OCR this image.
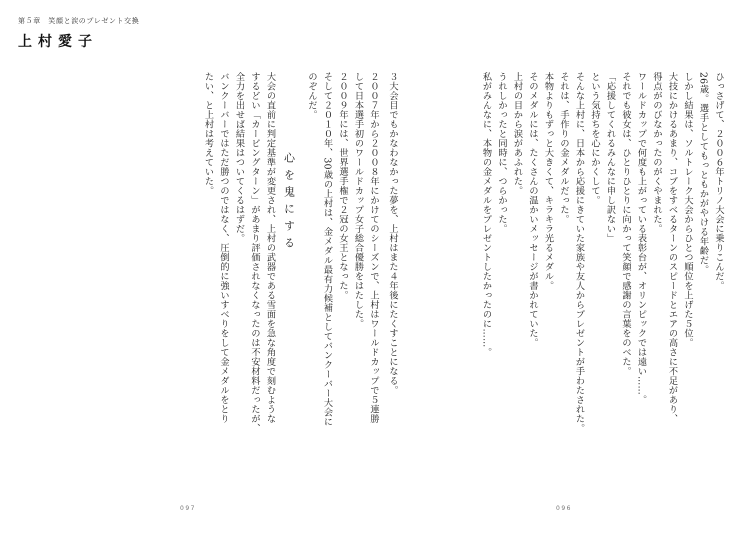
第５章　笑顔と涙のプレゼント交換
上村愛子
ひっさげて、２００６年トリノ大会に乗りこんだ。
26歳。選手としてもっともかがやける年齢だ。
しかし結果は、ソルトレーク大会からひとつ順位を上げた５位。
大技にかけるあまり、コブをすべるターンのスピードとエアの高さに不足があり、
得点がのびなかったのがくやまれた。
ワールドカップで何度も上がっている表彰台が、オリンピックでは遠い……。
それでも彼女は、ひとりひとりに向かって笑顔で感謝の言葉をのべた。
「応援してくれるみんなに申し訳ない」
という気持ちを心にかくして。
そんな上村に、日本から応援にきていた家族や友人からプレゼントが手わたされた。
それは、手作りの金メダルだった。
本物よりもずっと大きくて、キラキラ光るメダル。
そのメダルには、たくさんの温かいメッセージが書かれていた。
上村の目から涙があふれた。
うれしかったと同時に、つらかった。
私がみんなに、本物の金メダルをプレゼントしたかったのに……。
３大会目でもかなわなかった夢を、上村はまた４年後にたくすことになる。
２００７年から２００８年にかけてのシーズンで、上村はワールドカップで５連勝
して日本選手初のワールドカップ女子総合優勝をはたした。
２００９年には、世界選手権で２冠の女王となった。
そして２０１０年、30歳の上村は、金メダル最有力候補としてバンクーバー大会に
のぞんだ。
心を鬼にする
大会の直前に判定基準が変更され、上村の武器である雪面を急な角度で刻むような
するどい「カービングターン」があまり評価されなくなったのは不安材料だったが、
全力を出せば結果はついてくるはずだ。
バンクーバーではただ勝つのではなく、圧倒的に強いすべりをして金メダルをとり
たい、と上村は考えていた。
097	096
